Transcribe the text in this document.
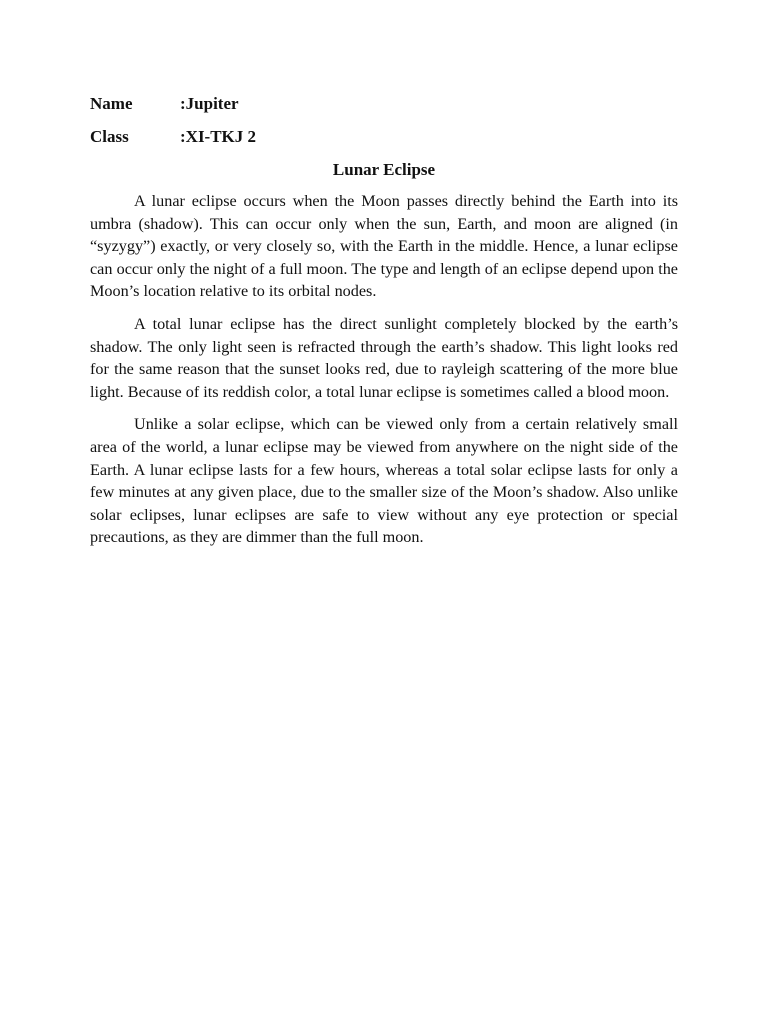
Name	:Jupiter
Class	:XI-TKJ 2
Lunar Eclipse

A lunar eclipse occurs when the Moon passes directly behind the Earth into its umbra (shadow). This can occur only when the sun, Earth, and moon are aligned (in “syzygy”) exactly, or very closely so, with the Earth in the middle. Hence, a lunar eclipse can occur only the night of a full moon. The type and length of an eclipse depend upon the Moon’s location relative to its orbital nodes.

A total lunar eclipse has the direct sunlight completely blocked by the earth’s shadow. The only light seen is refracted through the earth’s shadow. This light looks red for the same reason that the sunset looks red, due to rayleigh scattering of the more blue light. Because of its reddish color, a total lunar eclipse is sometimes called a blood moon.

Unlike a solar eclipse, which can be viewed only from a certain relatively small area of the world, a lunar eclipse may be viewed from anywhere on the night side of the Earth. A lunar eclipse lasts for a few hours, whereas a total solar eclipse lasts for only a few minutes at any given place, due to the smaller size of the Moon’s shadow. Also unlike solar eclipses, lunar eclipses are safe to view without any eye protection or special precautions, as they are dimmer than the full moon.
